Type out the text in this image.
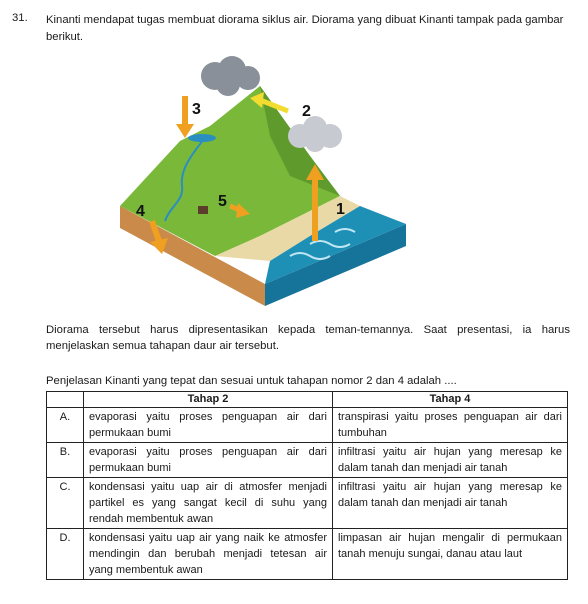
31. Kinanti mendapat tugas membuat diorama siklus air. Diorama yang dibuat Kinanti tampak pada gambar berikut.
1
2
3
4
5
Diorama tersebut harus dipresentasikan kepada teman-temannya. Saat presentasi, ia harus menjelaskan semua tahapan daur air tersebut.
Penjelasan Kinanti yang tepat dan sesuai untuk tahapan nomor 2 dan 4 adalah ....
	Tahap 2	Tahap 4
A.	evaporasi yaitu proses penguapan air dari permukaan bumi	transpirasi yaitu proses penguapan air dari tumbuhan
B.	evaporasi yaitu proses penguapan air dari permukaan bumi	infiltrasi yaitu air hujan yang meresap ke dalam tanah dan menjadi air tanah
C.	kondensasi yaitu uap air di atmosfer menjadi partikel es yang sangat kecil di suhu yang rendah membentuk awan	infiltrasi yaitu air hujan yang meresap ke dalam tanah dan menjadi air tanah
D.	kondensasi yaitu uap air yang naik ke atmosfer mendingin dan berubah menjadi tetesan air yang membentuk awan	limpasan air hujan mengalir di permukaan tanah menuju sungai, danau atau laut
